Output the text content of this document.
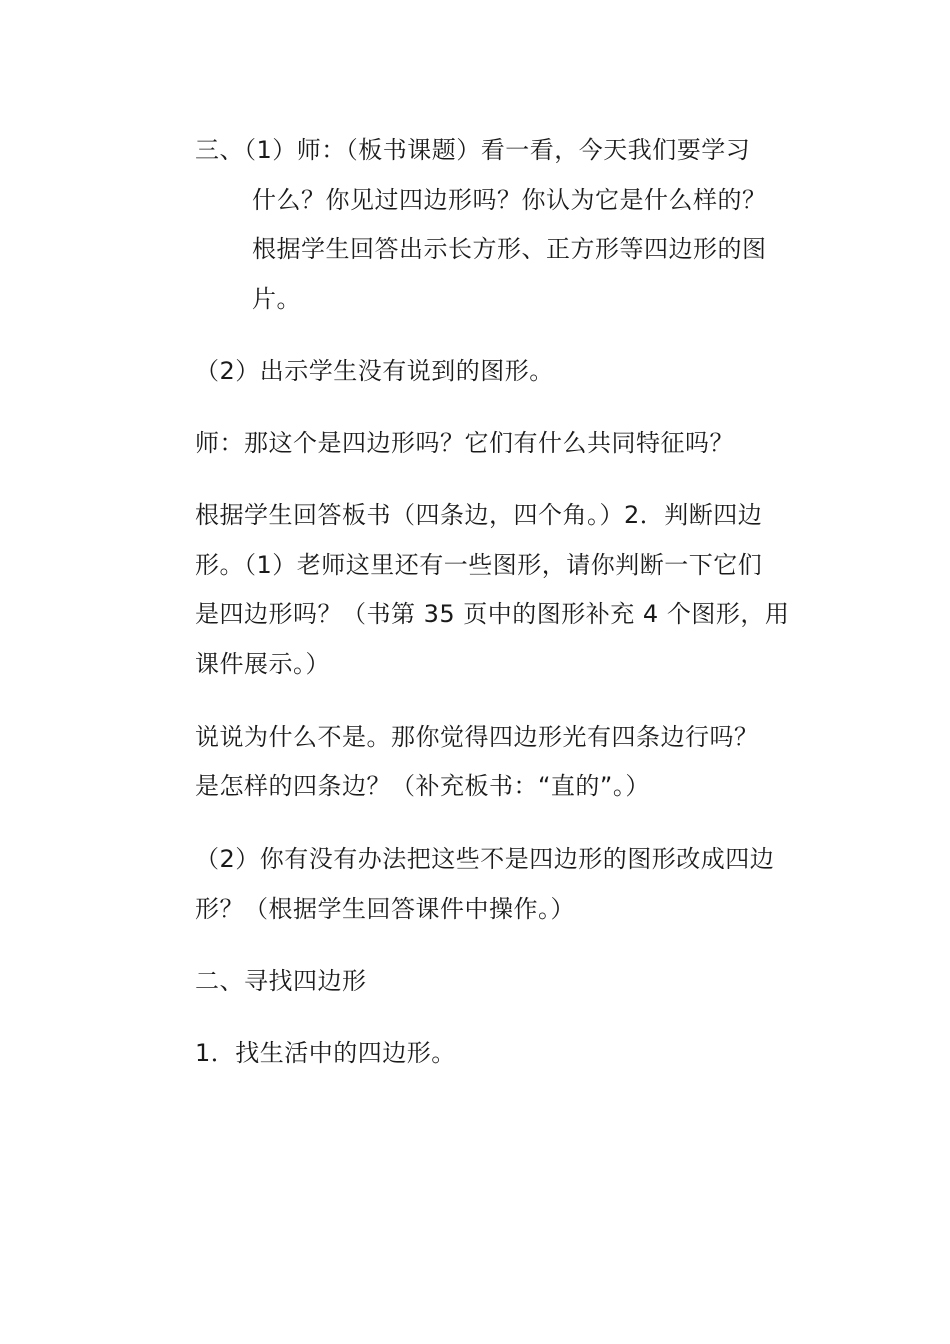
三、（1）师：（板书课题）看一看，今天我们要学习
什么？你见过四边形吗？你认为它是什么样的？
根据学生回答出示长方形、正方形等四边形的图
片。
（2）出示学生没有说到的图形。
师：那这个是四边形吗？它们有什么共同特征吗？
根据学生回答板书（四条边，四个角。）2．判断四边
形。（1）老师这里还有一些图形，请你判断一下它们
是四边形吗？（书第 35 页中的图形补充 4 个图形，用
课件展示。）
说说为什么不是。那你觉得四边形光有四条边行吗？
是怎样的四条边？（补充板书：“直的”。）
（2）你有没有办法把这些不是四边形的图形改成四边
形？（根据学生回答课件中操作。）
二、寻找四边形
1．找生活中的四边形。
